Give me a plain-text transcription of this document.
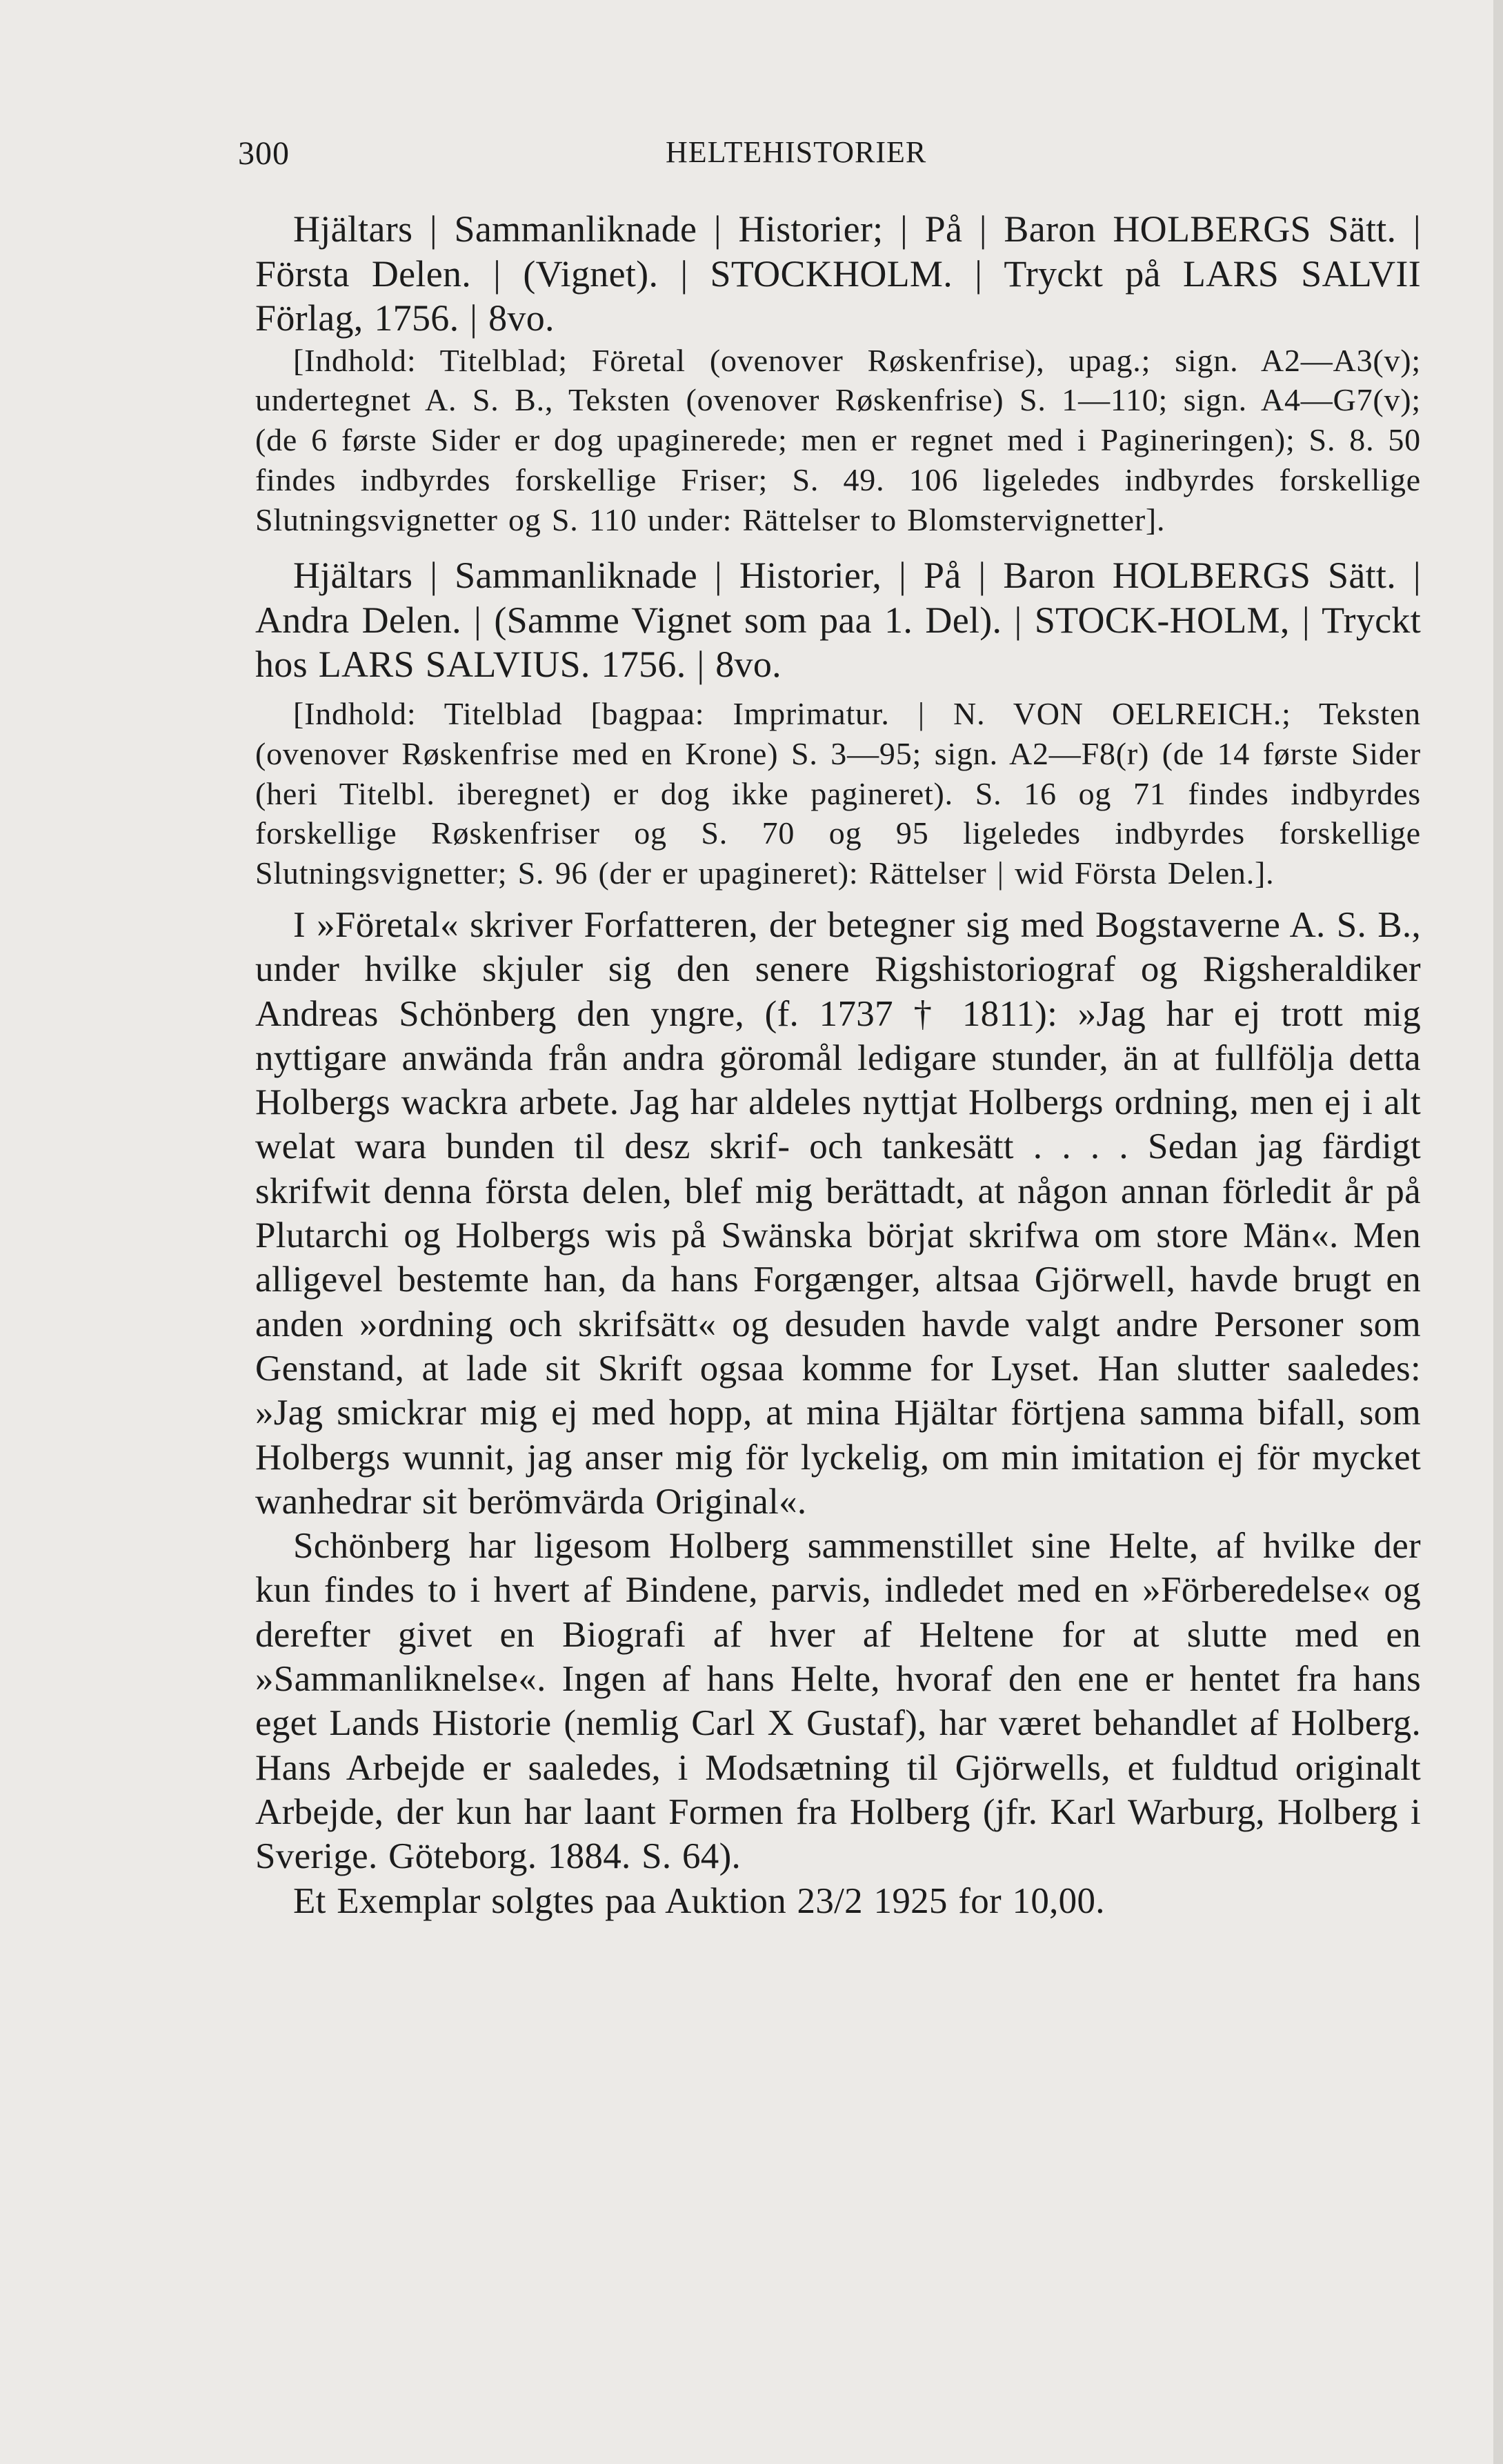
300	HELTEHISTORIER

Hjältars | Sammanliknade | Historier; | På | Baron HOLBERGS Sätt. | Första Delen. | (Vignet). | STOCKHOLM. | Tryckt på LARS SALVII Förlag, 1756. | 8vo.

[Indhold: Titelblad; Företal (ovenover Røskenfrise), upag.; sign. A2—A3(v); undertegnet A. S. B., Teksten (ovenover Røskenfrise) S. 1—110; sign. A4—G7(v); (de 6 første Sider er dog upaginerede; men er regnet med i Pagineringen); S. 8. 50 findes indbyrdes forskellige Friser; S. 49. 106 ligeledes indbyrdes forskellige Slutningsvignetter og S. 110 under: Rättelser to Blomstervignetter].

Hjältars | Sammanliknade | Historier, | På | Baron HOLBERGS Sätt. | Andra Delen. | (Samme Vignet som paa 1. Del). | STOCK-HOLM, | Tryckt hos LARS SALVIUS. 1756. | 8vo.

[Indhold: Titelblad [bagpaa: Imprimatur. | N. VON OELREICH.; Teksten (ovenover Røskenfrise med en Krone) S. 3—95; sign. A2—F8(r) (de 14 første Sider (heri Titelbl. iberegnet) er dog ikke pagineret). S. 16 og 71 findes indbyrdes forskellige Røskenfriser og S. 70 og 95 ligeledes indbyrdes forskellige Slutningsvignetter; S. 96 (der er upagineret): Rättelser | wid Första Delen.].

I »Företal« skriver Forfatteren, der betegner sig med Bogstaverne A. S. B., under hvilke skjuler sig den senere Rigshistoriograf og Rigsheraldiker Andreas Schönberg den yngre, (f. 1737 † 1811): »Jag har ej trott mig nyttigare anwända från andra göromål ledigare stunder, än at fullfölja detta Holbergs wackra arbete. Jag har aldeles nyttjat Holbergs ordning, men ej i alt welat wara bunden til desz skrif- och tankesätt . . . . Sedan jag färdigt skrifwit denna första delen, blef mig berättadt, at någon annan förledit år på Plutarchi og Holbergs wis på Swänska börjat skrifwa om store Män«. Men alligevel bestemte han, da hans Forgænger, altsaa Gjörwell, havde brugt en anden »ordning och skrifsätt« og desuden havde valgt andre Personer som Genstand, at lade sit Skrift ogsaa komme for Lyset. Han slutter saaledes: »Jag smickrar mig ej med hopp, at mina Hjältar förtjena samma bifall, som Holbergs wunnit, jag anser mig för lyckelig, om min imitation ej för mycket wanhedrar sit berömvärda Original«.

Schönberg har ligesom Holberg sammenstillet sine Helte, af hvilke der kun findes to i hvert af Bindene, parvis, indledet med en »Förberedelse« og derefter givet en Biografi af hver af Heltene for at slutte med en »Sammanliknelse«. Ingen af hans Helte, hvoraf den ene er hentet fra hans eget Lands Historie (nemlig Carl X Gustaf), har været behandlet af Holberg. Hans Arbejde er saaledes, i Modsætning til Gjörwells, et fuldtud originalt Arbejde, der kun har laant Formen fra Holberg (jfr. Karl Warburg, Holberg i Sverige. Göteborg. 1884. S. 64).

Et Exemplar solgtes paa Auktion 23/2 1925 for 10,00.
